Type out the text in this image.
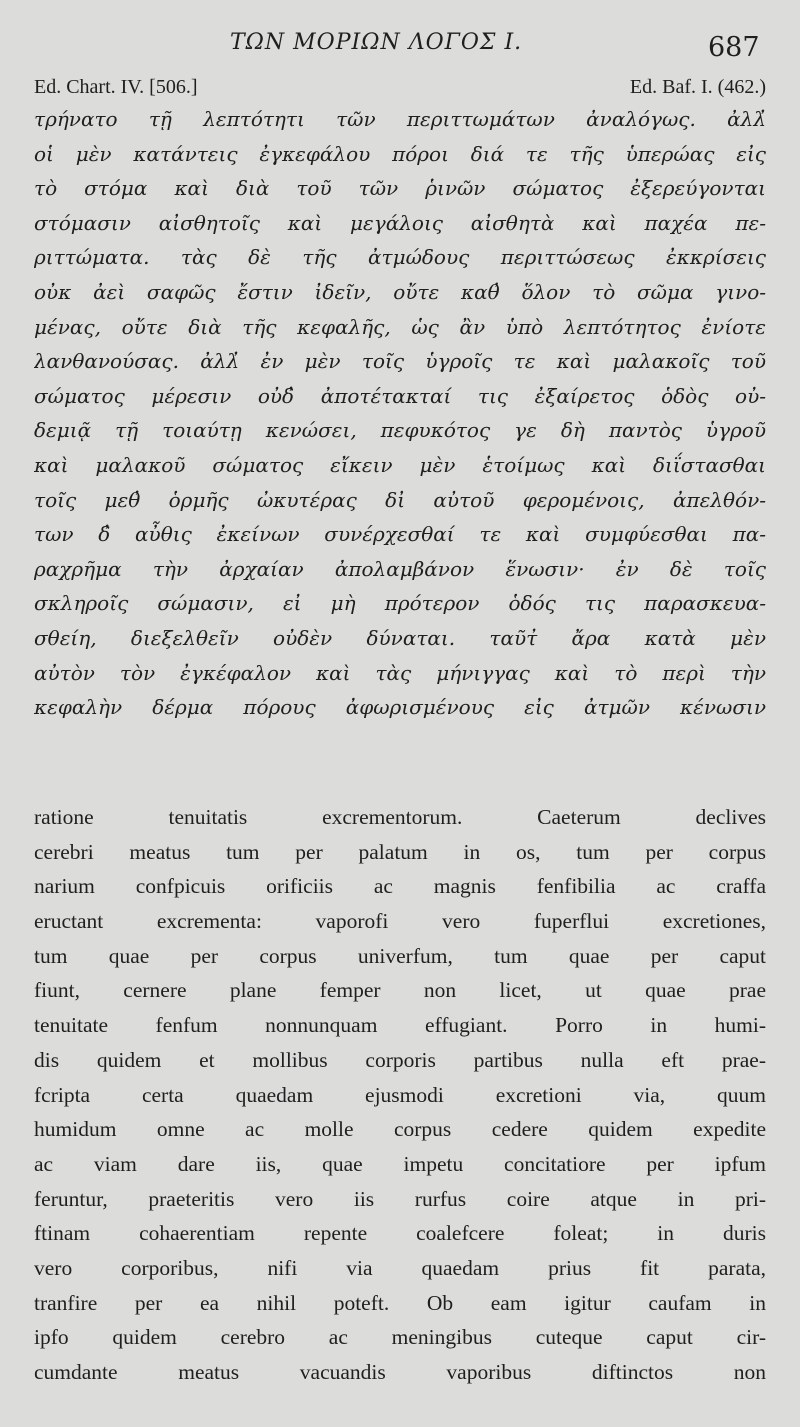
ΤΩΝ ΜΟΡΙΩΝ ΛΟΓΟΣ Ι.	687
Ed. Chart. IV. [506.]	Ed. Baf. I. (462.)
τρήνατο τῇ λεπτότητι τῶν περιττωμάτων ἀναλόγως. ἀλλ̓
οἱ μὲν κατάντεις ἐγκεφάλου πόροι διά τε τῆς ὑπερώας εἰς
τὸ στόμα καὶ διὰ τοῦ τῶν ῥινῶν σώματος ἐξερεύγονται
στόμασιν αἰσθητοῖς καὶ μεγάλοις αἰσθητὰ καὶ παχέα πε-
ριττώματα. τὰς δὲ τῆς ἀτμώδους περιττώσεως ἐκκρίσεις
οὐκ ἀεὶ σαφῶς ἔστιν ἰδεῖν, οὔτε καθ̓ ὅλον τὸ σῶμα γινο-
μένας, οὔτε διὰ τῆς κεφαλῆς, ὡς ἂν ὑπὸ λεπτότητος ἐνίοτε
λανθανούσας. ἀλλ̓ ἐν μὲν τοῖς ὑγροῖς τε καὶ μαλακοῖς τοῦ
σώματος μέρεσιν οὐδ̓ ἀποτέτακταί τις ἐξαίρετος ὁδὸς οὐ-
δεμιᾷ τῇ τοιαύτῃ κενώσει, πεφυκότος γε δὴ παντὸς ὑγροῦ
καὶ μαλακοῦ σώματος εἴκειν μὲν ἑτοίμως καὶ διΐστασθαι
τοῖς μεθ̓ ὁρμῆς ὠκυτέρας δἰ αὐτοῦ φερομένοις, ἀπελθόν-
των δ̓ αὖθις ἐκείνων συνέρχεσθαί τε καὶ συμφύεσθαι πα-
ραχρῆμα τὴν ἀρχαίαν ἀπολαμβάνον ἕνωσιν· ἐν δὲ τοῖς
σκληροῖς σώμασιν, εἰ μὴ πρότερον ὁδός τις παρασκευα-
σθείη, διεξελθεῖν οὐδὲν δύναται. ταῦτ̓ ἄρα κατὰ μὲν
αὐτὸν τὸν ἐγκέφαλον καὶ τὰς μήνιγγας καὶ τὸ περὶ τὴν
κεφαλὴν δέρμα πόρους ἀφωρισμένους εἰς ἀτμῶν κένωσιν
ratione tenuitatis excrementorum. Caeterum declives
cerebri meatus tum per palatum in os, tum per corpus
narium confpicuis orificiis ac magnis fenfibilia ac craffa
eructant excrementa: vaporofi vero fuperflui excretiones,
tum quae per corpus univerfum, tum quae per caput
fiunt, cernere plane femper non licet, ut quae prae
tenuitate fenfum nonnunquam effugiant. Porro in humi-
dis quidem et mollibus corporis partibus nulla eft prae-
fcripta certa quaedam ejusmodi excretioni via, quum
humidum omne ac molle corpus cedere quidem expedite
ac viam dare iis, quae impetu concitatiore per ipfum
feruntur, praeteritis vero iis rurfus coire atque in pri-
ftinam cohaerentiam repente coalefcere foleat; in duris
vero corporibus, nifi via quaedam prius fit parata,
tranfire per ea nihil poteft. Ob eam igitur caufam in
ipfo quidem cerebro ac meningibus cuteque caput cir-
cumdante meatus vacuandis vaporibus diftinctos non
